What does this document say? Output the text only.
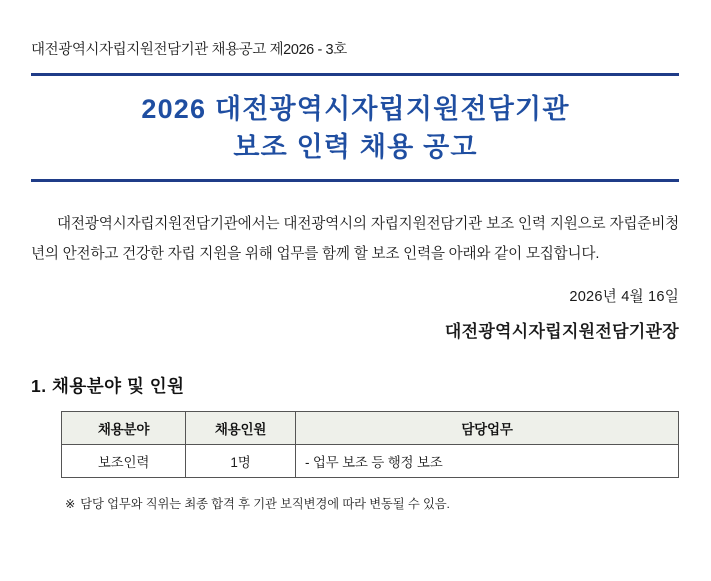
대전광역시자립지원전담기관 채용공고 제2026 - 3호
2026 대전광역시자립지원전담기관
보조 인력 채용 공고
대전광역시자립지원전담기관에서는 대전광역시의 자립지원전담기관 보조 인력 지원으로 자립준비청년의 안전하고 건강한 자립 지원을 위해 업무를 함께 할 보조 인력을 아래와 같이 모집합니다.
2026년 4월 16일
대전광역시자립지원전담기관장
1. 채용분야 및 인원
채용분야	채용인원	담당업무
보조인력	1명	- 업무 보조 등 행정 보조
※ 담당 업무와 직위는 최종 합격 후 기관 보직변경에 따라 변동될 수 있음.
